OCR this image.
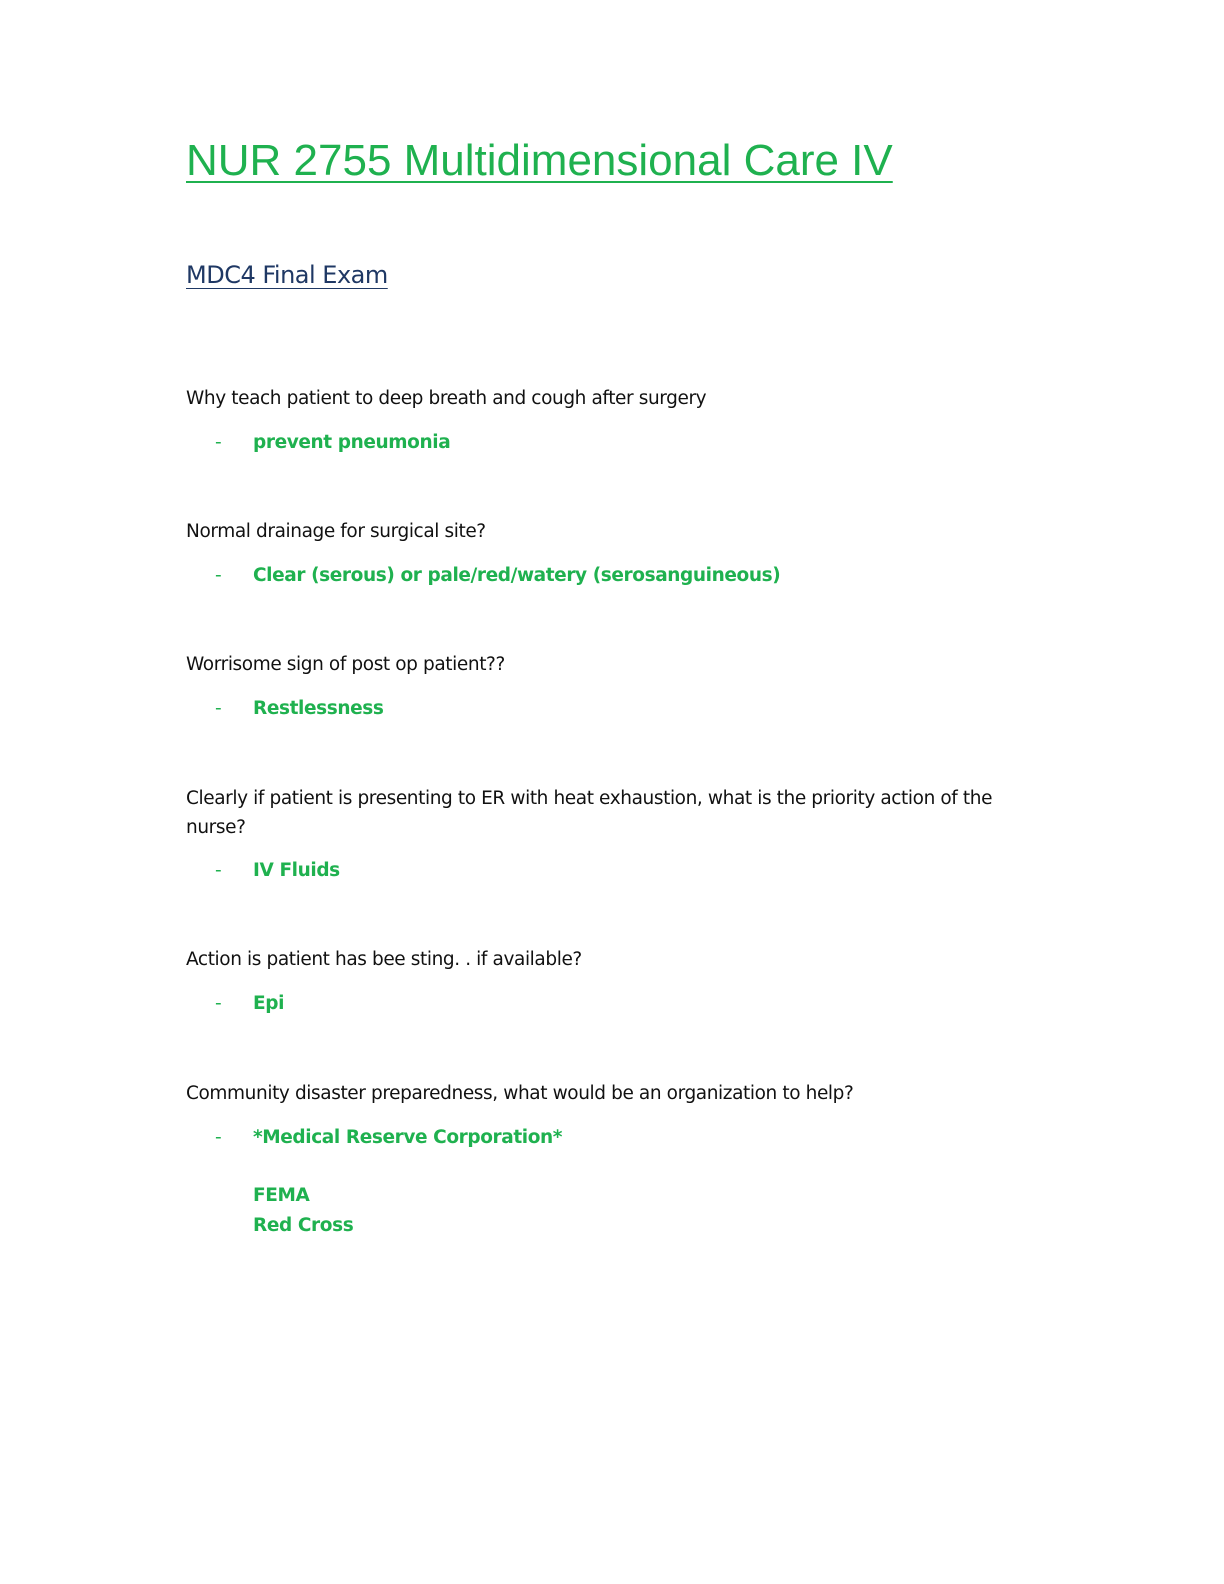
NUR 2755 Multidimensional Care IV
MDC4 Final Exam

Why teach patient to deep breath and cough after surgery

- prevent pneumonia

Normal drainage for surgical site?

- Clear (serous) or pale/red/watery (serosanguineous)

Worrisome sign of post op patient??

- Restlessness

Clearly if patient is presenting to ER with heat exhaustion, what is the priority action of the nurse?

- IV Fluids

Action is patient has bee sting. . if available?

- Epi

Community disaster preparedness, what would be an organization to help?

- *Medical Reserve Corporation*

FEMA

Red Cross
